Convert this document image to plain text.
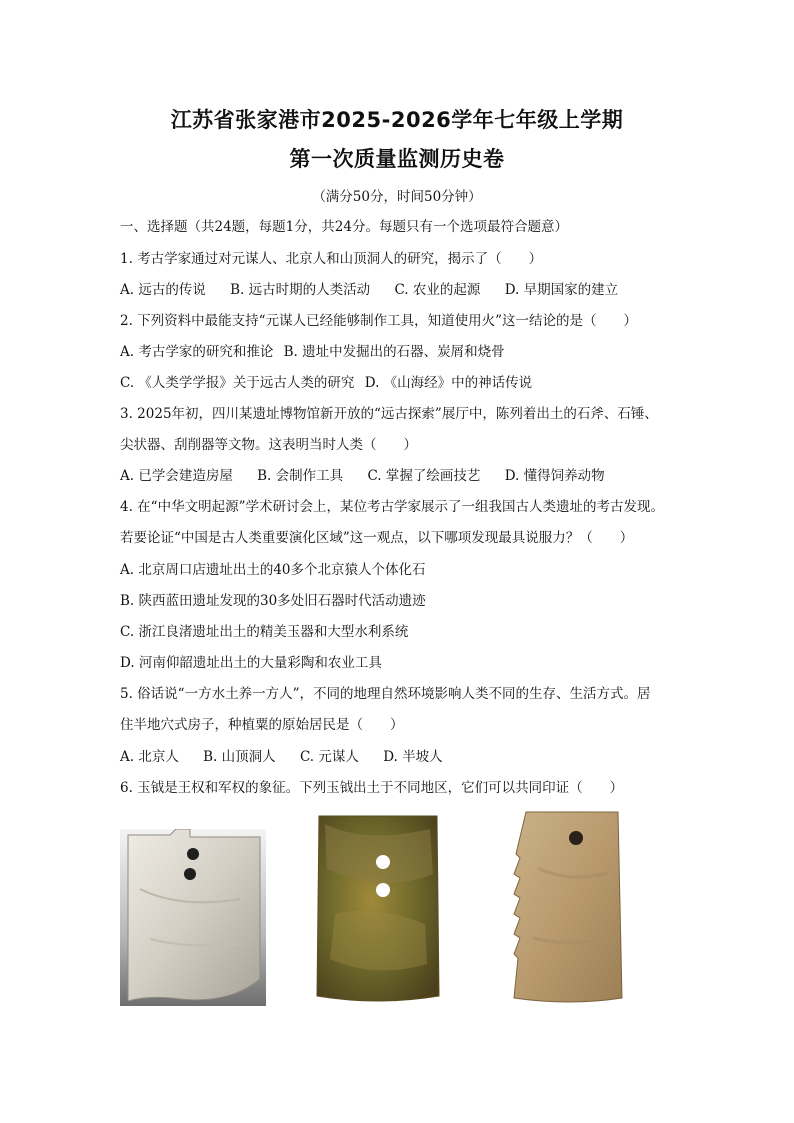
江苏省张家港市2025-2026学年七年级上学期
第一次质量监测历史卷
（满分50分，时间50分钟）
一、选择题（共24题，每题1分，共24分。每题只有一个选项最符合题意）
1. 考古学家通过对元谋人、北京人和山顶洞人的研究，揭示了（　　）
A. 远古的传说 B. 远古时期的人类活动 C. 农业的起源 D. 早期国家的建立
2. 下列资料中最能支持“元谋人已经能够制作工具，知道使用火”这一结论的是（　　）
A. 考古学家的研究和推论 B. 遗址中发掘出的石器、炭屑和烧骨
C. 《人类学学报》关于远古人类的研究 D. 《山海经》中的神话传说
3. 2025年初，四川某遗址博物馆新开放的“远古探索”展厅中，陈列着出土的石斧、石锤、
尖状器、刮削器等文物。这表明当时人类（　　）
A. 已学会建造房屋 B. 会制作工具 C. 掌握了绘画技艺 D. 懂得饲养动物
4. 在“中华文明起源”学术研讨会上，某位考古学家展示了一组我国古人类遗址的考古发现。
若要论证“中国是古人类重要演化区域”这一观点，以下哪项发现最具说服力？（　　）
A. 北京周口店遗址出土的40多个北京猿人个体化石
B. 陕西蓝田遗址发现的30多处旧石器时代活动遗迹
C. 浙江良渚遗址出土的精美玉器和大型水利系统
D. 河南仰韶遗址出土的大量彩陶和农业工具
5. 俗话说“一方水土养一方人”，不同的地理自然环境影响人类不同的生存、生活方式。居
住半地穴式房子，种植粟的原始居民是（　　）
A. 北京人 B. 山顶洞人 C. 元谋人 D. 半坡人
6. 玉钺是王权和军权的象征。下列玉钺出土于不同地区，它们可以共同印证（　　）
